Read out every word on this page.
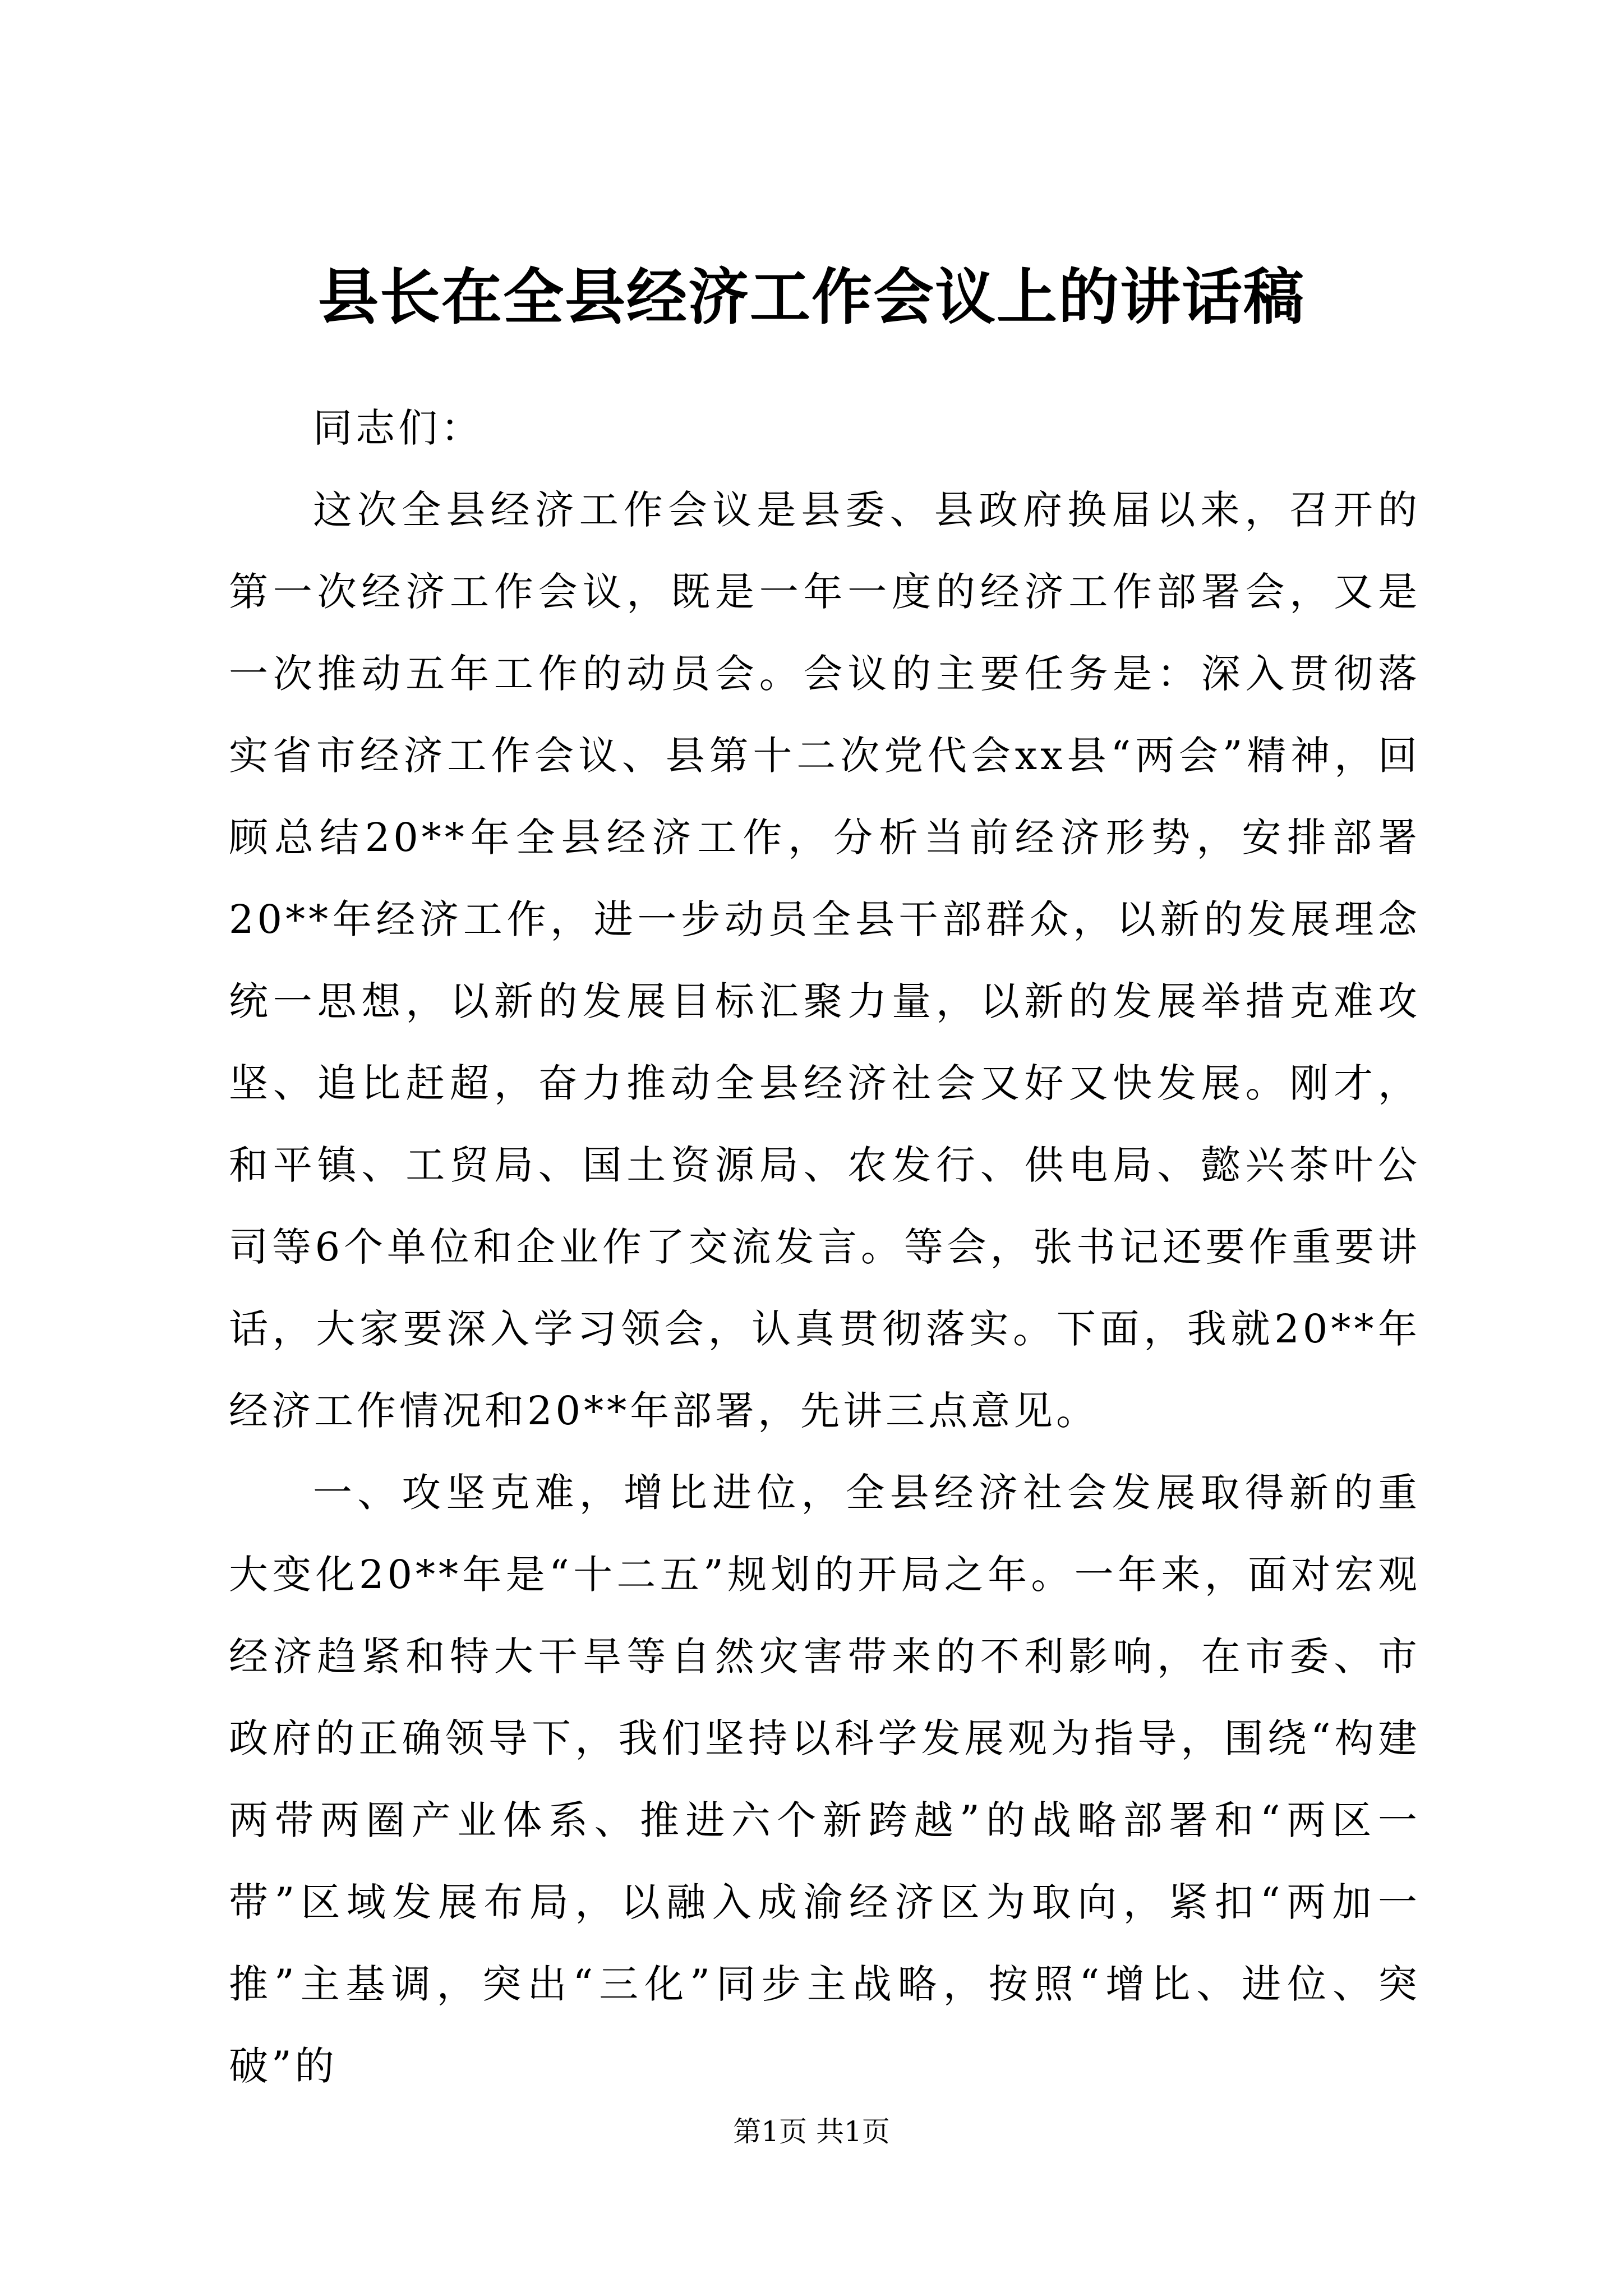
县长在全县经济工作会议上的讲话稿

同志们：

这次全县经济工作会议是县委、县政府换届以来，召开的第一次经济工作会议，既是一年一度的经济工作部署会，又是一次推动五年工作的动员会。会议的主要任务是：深入贯彻落实省市经济工作会议、县第十二次党代会xx县“两会”精神，回顾总结20**年全县经济工作，分析当前经济形势，安排部署20**年经济工作，进一步动员全县干部群众，以新的发展理念统一思想，以新的发展目标汇聚力量，以新的发展举措克难攻坚、追比赶超，奋力推动全县经济社会又好又快发展。刚才，和平镇、工贸局、国土资源局、农发行、供电局、懿兴茶叶公司等6个单位和企业作了交流发言。等会，张书记还要作重要讲话，大家要深入学习领会，认真贯彻落实。下面，我就20**年经济工作情况和20**年部署，先讲三点意见。

一、攻坚克难，增比进位，全县经济社会发展取得新的重大变化20**年是“十二五”规划的开局之年。一年来，面对宏观经济趋紧和特大干旱等自然灾害带来的不利影响，在市委、市政府的正确领导下，我们坚持以科学发展观为指导，围绕“构建两带两圈产业体系、推进六个新跨越”的战略部署和“两区一带”区域发展布局，以融入成渝经济区为取向，紧扣“两加一推”主基调，突出“三化”同步主战略，按照“增比、进位、突破”的

第1页 共1页
